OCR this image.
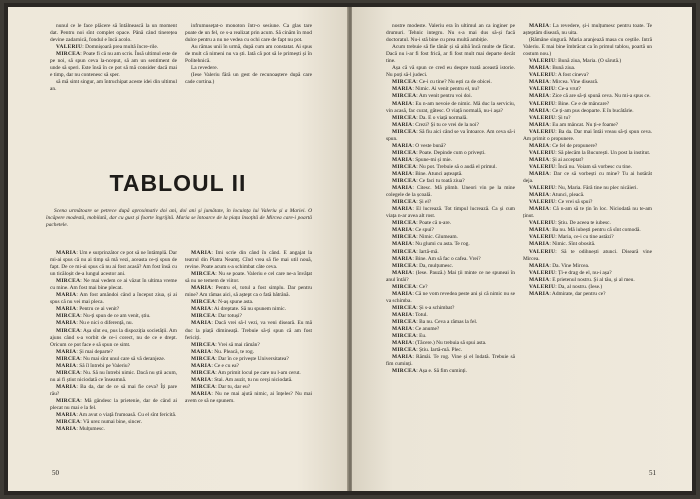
nunul ce le face plăcere să întâlnească la un moment dat. Pentru noi sînt complet opace. Până când tinerețea devine zadarnică, fondul e încă acolo.

VALERIU: Domnișoară prea multă încre-rile.

MIRCEA: Poate fi că nu am scris. Însă ultimul este de pe noi, să spun ceva la-nceput, să am un sentiment de unde să speri. Este însă în ce pot să mă consider dacă mai e timp, dar nu contenesc să sper.

să mă simt singur, am întruchipat aceste idei din ultimul an.

infrumuseţat-o monoton într-o sesiune. Ca glas tare poate de un fel, ce s-a realizat prin acum. Să cinăm în mod dulce pentru a nu ne vedea cu ochi care de fapt nu pot.

Au rămas unii în urmă, după cum am constatat. Ai spus de mult că nimeni nu va ști. Iată că pot să le primești și în Politehnică.

La revedere.

(Iese Valeriu fără un gest de recunoaștere după care cade cortina.)

TABLOUL II

Scena următoare se petrece după aproximativ doi ani, doi ani și jumătate, în locuința lui Valeriu și a Mariei. O încăpere modestă, mobilată, dar cu gust și foarte îngrijită. Maria se întoarce de la piața însoțită de Mircea care-i poartă pachetele.

MARIA: Um e surprinzător ce pot să ne întâmplă. Dar mi-ai spus că nu ai timp să mă vezi, aceasta ce-ți spun de fapt. De ce mi-ai spus că nu ai fost acasă? Am fost însă cu un ticăloșit de-a lungul acestor ani.

MIRCEA: Ne mai vedem ce ai văzut în ultima vreme cu mine. Am fost mai bine plecat.

MARIA: Am fost amândoi când a început ziua, și ai spus că nu vei mai pleca.

MARIA: Pentru ce ai venit?

MIRCEA: Nu-ți spun de ce am venit, știu.

MARIA: Nu e nici o diferență, nu.

MIRCEA: Așa sînt eu, pus la dispoziția societății. Am ajuns când s-a vorbit de ce-i corect, nu de ce e drept. Oricum ce pot face e să spun ce simt.

MARIA: Și mai departe?

MIRCEA: Nu mai sînt unul care să vă deranjeze.

MARIA: Să îl întrebi pe Valeriu?

MIRCEA: Nu. Să nu întrebi nimic. Dacă nu știi acum, nu ai fi știut niciodată ce înseamnă.

MARIA: Ba da, dar de ce să mai fie ceva? Îți pare rău?

MIRCEA: Mă gândesc la prietenie, dar de când ai plecat nu mai e la fel.

MARIA: Am avut o viață frumoasă. Cu el sînt fericită.

MIRCEA: Vă urez numai bine, sincer.

MARIA: Mulțumesc.

MARIA: Îmi scrie din când în când. E angajat la teatrul din Piatra Neamț. Cînd vrea să fie mai util nouă, revine. Poate acum s-a schimbat câte ceva.

MIRCEA: Nu se poate. Valeriu e cel care ne-a învățat să nu ne temem de viitor.

MARIA: Pentru el, totul a fost simplu. Dar pentru mine? Am rămas aici, să aștept ca o fată bătrână.

MIRCEA: N-aș spune asta.

MARIA: Ai dreptate. Să nu spunem nimic.

MIRCEA: Dar totuși?

MARIA: Dacă vrei să-l vezi, va veni diseară. Eu mă duc la piață dimineață. Trebuie să-ți spun că am fost fericiți.

MIRCEA: Vrei să mai rămân?

MARIA: Nu. Pleacă, te rog.

MIRCEA: Dar în ce privește Universitatea?

MARIA: Ce e cu ea?

MIRCEA: Am primit locul pe care nu l-am cerut.

MARIA: Stai. Am auzit, tu nu cerși niciodată.

MIRCEA: Dar tu, dar eu?

MARIA: Nu ne mai ajută nimic, ai înțeles? Nu mai avem ce să ne spunem.

50

nostre modeste. Valeriu era în ultimul an ca inginer pe drumuri. Tehnic integru. Nu s-a mai dus să-și facă doctoratul. Nu-i stă bine cu prea multă ambiție.

Acum trebuie să fie tânăr și să aibă încă multe de făcut. Dacă nu i-ar fi fost frică, ar fi fost mult mai departe decât tine.

Așa că vă spun ce cred eu despre toată această istorie. Nu poți să-l judeci.

MIRCEA: Ce-i cu tine? Nu ești ca de obicei.

MARIA: Nimic. Ai venit pentru el, nu?

MIRCEA: Am venit pentru voi doi.

MARIA: Eu n-am nevoie de nimic. Mă duc la serviciu, vin acasă, fac curat, gătesc. O viață normală, nu-i așa?

MIRCEA: Da. E o viață normală.

MARIA: Crezi? Și tu ce vrei de la noi?

MIRCEA: Să fiu aici când se va întoarce. Am ceva să-i spun.

MARIA: O veste bună?

MIRCEA: Poate. Depinde cum o privești.

MARIA: Spune-mi și mie.

MIRCEA: Nu pot. Trebuie să o audă el primul.

MARIA: Bine. Atunci așteaptă.

MIRCEA: Ce faci tu toată ziua?

MARIA: Citesc. Mă plimb. Uneori vin pe la mine colegele de la școală.

MIRCEA: Și el?

MARIA: El lucrează. Tot timpul lucrează. Ca și cum viața n-ar avea alt rost.

MIRCEA: Poate că n-are.

MARIA: Ce spui?

MIRCEA: Nimic. Glumeam.

MARIA: Nu glumi cu asta. Te rog.

MIRCEA: Iartă-mă.

MARIA: Bine. Am să fac o cafea. Vrei?

MIRCEA: Da, mulțumesc.

MARIA: (Iese. Pauză.) Mai ții minte ce ne spuneai în anul întâi?

MIRCEA: Ce?

MARIA: Că ne vom revedea peste ani și că nimic nu se va schimba.

MIRCEA: Și s-a schimbat?

MARIA: Totul.

MIRCEA: Ba nu. Ceva a rămas la fel.

MARIA: Ce anume?

MIRCEA: Eu.

MARIA: (Tăcere.) Nu trebuia să spui asta.

MIRCEA: Știu. Iartă-mă. Plec.

MARIA: Rămâi. Te rog. Vine și el îndată. Trebuie să fim cuminți.

MIRCEA: Așa e. Să fim cuminți.

MARIA: La revedere, și-i mulțumesc pentru toate. Te așteptăm diseară, nu uita.

(Rămâne singură. Maria aranjează masa cu ceștile. Intră Valeriu. E mai bine îmbrăcat ca în primul tablou, poartă un costum nou.)

VALERIU: Bună ziua, Maria. (O sărută.)

MARIA: Bună ziua.

VALERIU: A fost cineva?

MARIA: Mircea. Vine diseară.

VALERIU: Ce-a vrut?

MARIA: Zice că are să-ți spună ceva. Nu mi-a spus ce.

VALERIU: Bine. Ce e de mâncare?

MARIA: Ce ți-am pus deoparte. E în bucătărie.

VALERIU: Și tu?

MARIA: Eu am mâncat. Nu ți-e foame?

VALERIU: Ba da. Dar mai întâi vreau să-ți spun ceva. Am primit o propunere.

MARIA: Ce fel de propunere?

VALERIU: Să plecăm la București. Un post la institut.

MARIA: Și ai acceptat?

VALERIU: Încă nu. Voiam să vorbesc cu tine.

MARIA: Dar ce să vorbești cu mine? Tu ai hotărât deja.

VALERIU: Nu, Maria. Fără tine nu plec nicăieri.

MARIA: Atunci, pleacă.

VALERIU: Ce vrei să spui?

MARIA: Că n-am să te țin în loc. Niciodată nu te-am ținut.

VALERIU: Știu. De aceea te iubesc.

MARIA: Ba nu. Mă iubești pentru că sînt comodă.

VALERIU: Maria, ce-i cu tine astăzi?

MARIA: Nimic. Sînt obosită.

VALERIU: Să te odihnești atunci. Diseară vine Mircea.

MARIA: Da. Vine Mircea.

VALERIU: Ți-e drag de el, nu-i așa?

MARIA: E prietenul nostru. Și al tău, și al meu.

VALERIU: Da, al nostru. (Iese.)

MARIA: Admirate, dar pentru ce?

51
